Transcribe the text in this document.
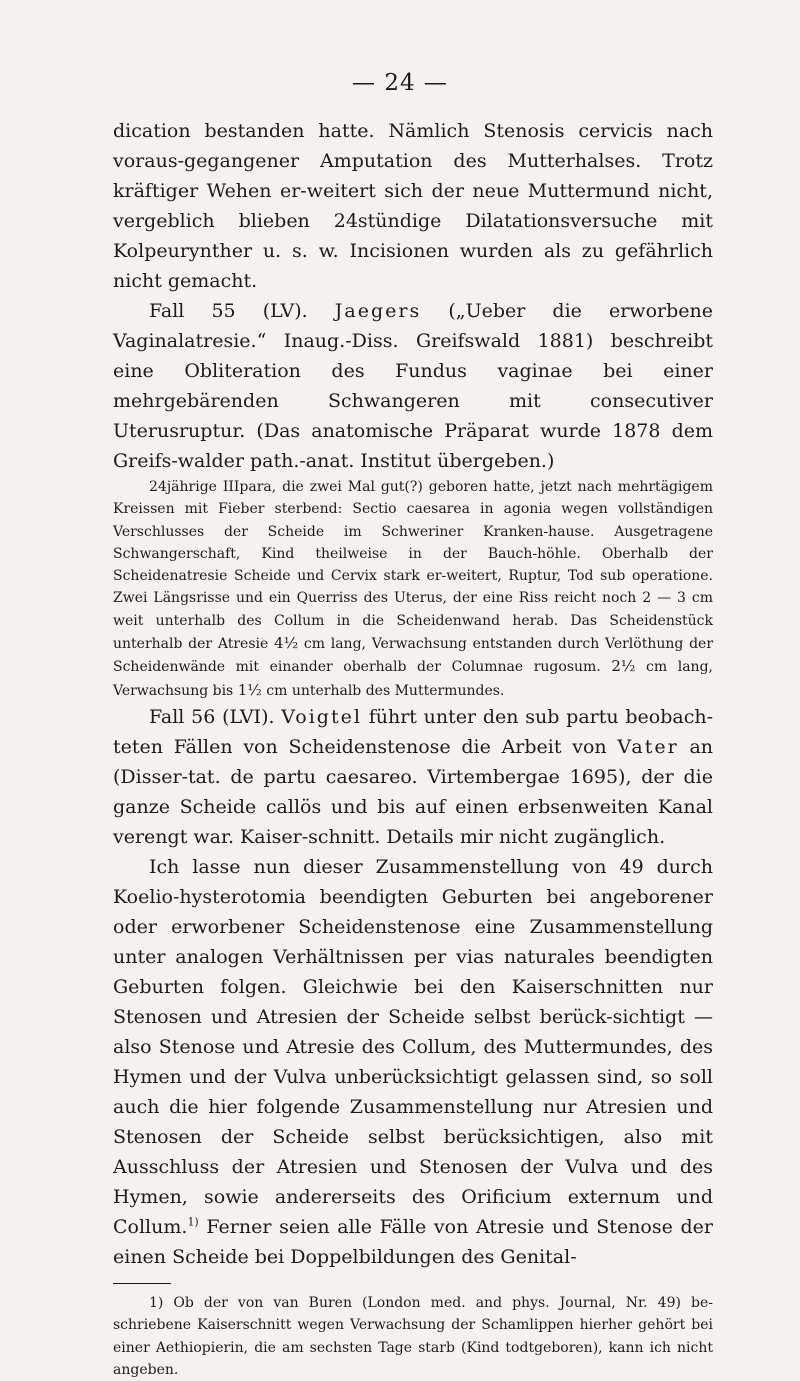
— 24 —

dication bestanden hatte. Nämlich Stenosis cervicis nach voraus-gegangener Amputation des Mutterhalses. Trotz kräftiger Wehen er-weitert sich der neue Muttermund nicht, vergeblich blieben 24stündige Dilatationsversuche mit Kolpeurynther u. s. w. Incisionen wurden als zu gefährlich nicht gemacht.

Fall 55 (LV). Jaegers („Ueber die erworbene Vaginalatresie.“ Inaug.-Diss. Greifswald 1881) beschreibt eine Obliteration des Fundus vaginae bei einer mehrgebärenden Schwangeren mit consecutiver Uterusruptur. (Das anatomische Präparat wurde 1878 dem Greifs-walder path.-anat. Institut übergeben.)

24jährige IIIpara, die zwei Mal gut(?) geboren hatte, jetzt nach mehrtägigem Kreissen mit Fieber sterbend: Sectio caesarea in agonia wegen vollständigen Verschlusses der Scheide im Schweriner Kranken-hause. Ausgetragene Schwangerschaft, Kind theilweise in der Bauch-höhle. Oberhalb der Scheidenatresie Scheide und Cervix stark er-weitert, Ruptur, Tod sub operatione. Zwei Längsrisse und ein Querriss des Uterus, der eine Riss reicht noch 2 — 3 cm weit unterhalb des Collum in die Scheidenwand herab. Das Scheidenstück unterhalb der Atresie 4½ cm lang, Verwachsung entstanden durch Verlöthung der Scheidenwände mit einander oberhalb der Columnae rugosum. 2½ cm lang, Verwachsung bis 1½ cm unterhalb des Muttermundes.

Fall 56 (LVI). Voigtel führt unter den sub partu beobach-teten Fällen von Scheidenstenose die Arbeit von Vater an (Disser-tat. de partu caesareo. Virtembergae 1695), der die ganze Scheide callös und bis auf einen erbsenweiten Kanal verengt war. Kaiser-schnitt. Details mir nicht zugänglich.

Ich lasse nun dieser Zusammenstellung von 49 durch Koelio-hysterotomia beendigten Geburten bei angeborener oder erworbener Scheidenstenose eine Zusammenstellung unter analogen Verhältnissen per vias naturales beendigten Geburten folgen. Gleichwie bei den Kaiserschnitten nur Stenosen und Atresien der Scheide selbst berück-sichtigt — also Stenose und Atresie des Collum, des Muttermundes, des Hymen und der Vulva unberücksichtigt gelassen sind, so soll auch die hier folgende Zusammenstellung nur Atresien und Stenosen der Scheide selbst berücksichtigen, also mit Ausschluss der Atresien und Stenosen der Vulva und des Hymen, sowie andererseits des Orificium externum und Collum.$^{1)}$ Ferner seien alle Fälle von Atresie und Stenose der einen Scheide bei Doppelbildungen des Genital-

1) Ob der von van Buren (London med. and phys. Journal, Nr. 49) be-schriebene Kaiserschnitt wegen Verwachsung der Schamlippen hierher gehört bei einer Aethiopierin, die am sechsten Tage starb (Kind todtgeboren), kann ich nicht angeben.
